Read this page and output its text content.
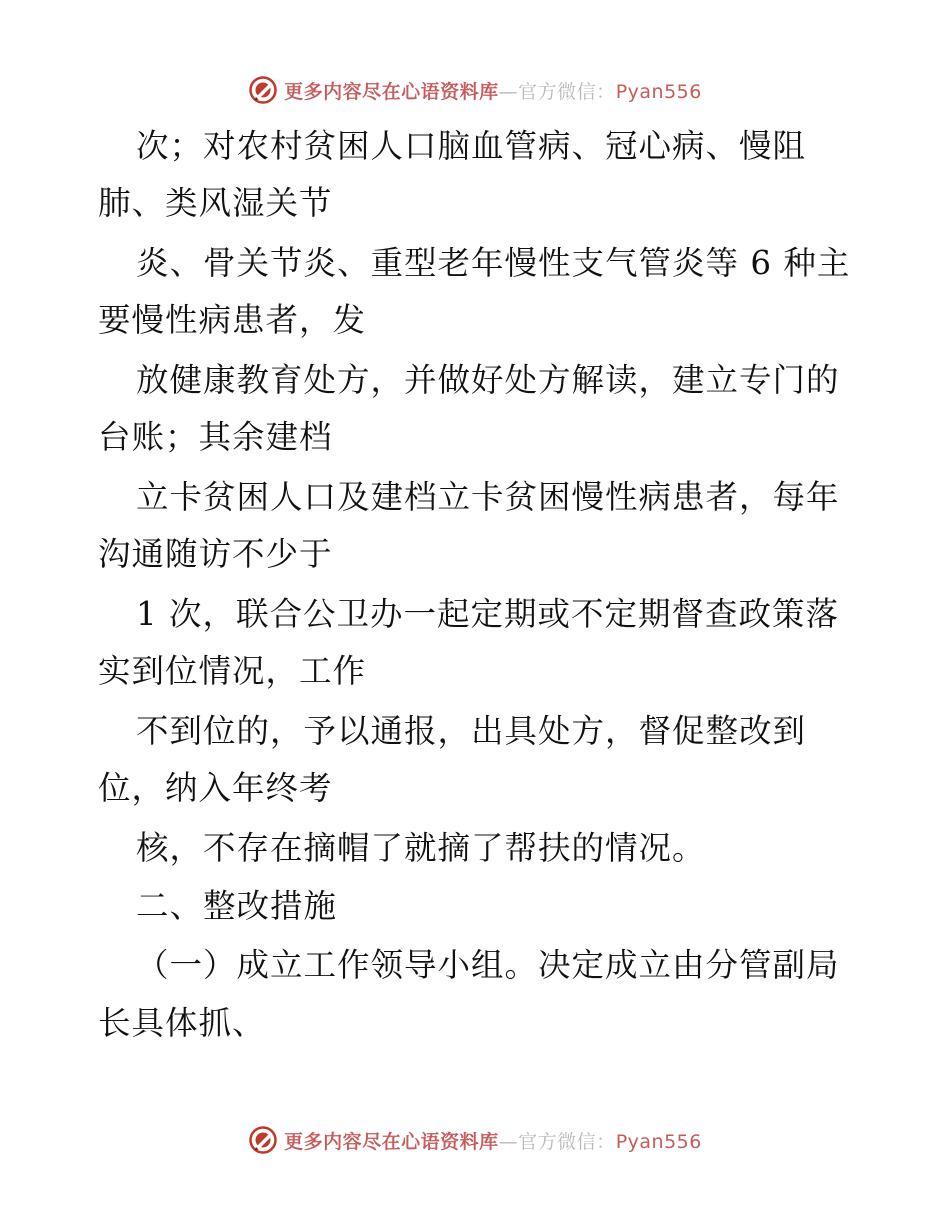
更多内容尽在心语资料库—官方微信：Pyan556
次；对农村贫困人口脑血管病、冠心病、慢阻
肺、类风湿关节
炎、骨关节炎、重型老年慢性支气管炎等 6 种主
要慢性病患者，发
放健康教育处方，并做好处方解读，建立专门的
台账；其余建档
立卡贫困人口及建档立卡贫困慢性病患者，每年
沟通随访不少于
1 次，联合公卫办一起定期或不定期督查政策落
实到位情况，工作
不到位的，予以通报，出具处方，督促整改到
位，纳入年终考
核，不存在摘帽了就摘了帮扶的情况。
二、整改措施
（一）成立工作领导小组。决定成立由分管副局
长具体抓、
更多内容尽在心语资料库—官方微信：Pyan556
